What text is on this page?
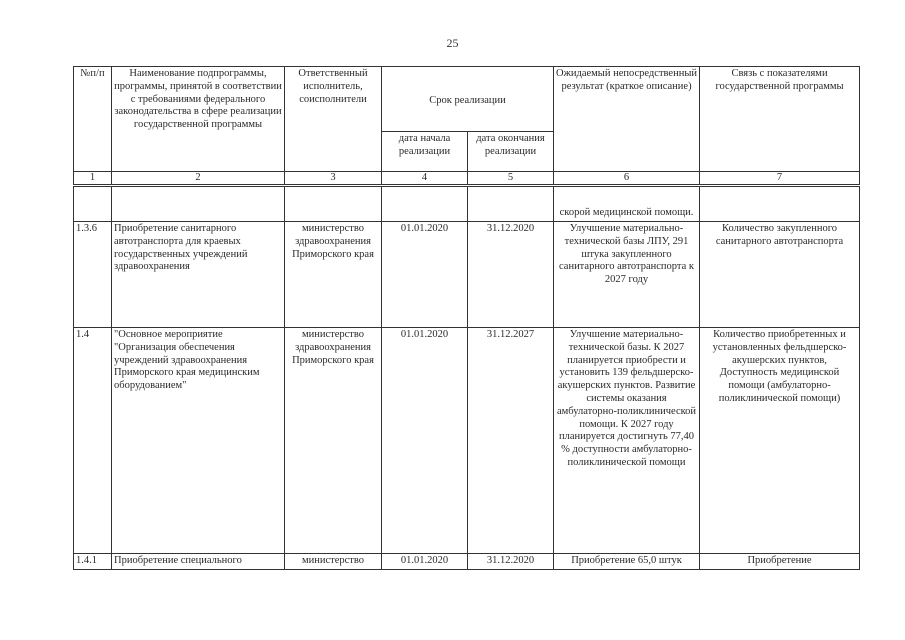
25
№п/п	Наименование подпрограммы, программы, принятой в соответствии с требованиями федерального законодательства в сфере реализации государственной программы	Ответственный исполнитель, соисполнители	Срок реализации		Ожидаемый непосредственный результат (краткое описание)	Связь с показателями государственной программы
			дата начала реализации	дата окончания реализации		
1	2	3	4	5	6	7
					скорой медицинской помощи.	
1.3.6	Приобретение санитарного автотранспорта для краевых государственных учреждений здравоохранения	министерство здравоохранения Приморского края	01.01.2020	31.12.2020	Улучшение материально-технической базы ЛПУ, 291 штука закупленного санитарного автотранспорта к 2027 году	Количество закупленного санитарного автотранспорта
1.4	"Основное мероприятие "Организация обеспечения учреждений здравоохранения Приморского края медицинским оборудованием"	министерство здравоохранения Приморского края	01.01.2020	31.12.2027	Улучшение материально-технической базы. К 2027 планируется приобрести и установить 139 фельдшерско-акушерских пунктов. Развитие системы оказания амбулаторно-поликлинической помощи. К 2027 году планируется достигнуть 77,40 % доступности амбулаторно-поликлинической помощи	Количество приобретенных и установленных фельдшерско-акушерских пунктов, Доступность медицинской помощи (амбулаторно-поликлинической помощи)
1.4.1	Приобретение специального	министерство	01.01.2020	31.12.2020	Приобретение 65,0 штук	Приобретение
